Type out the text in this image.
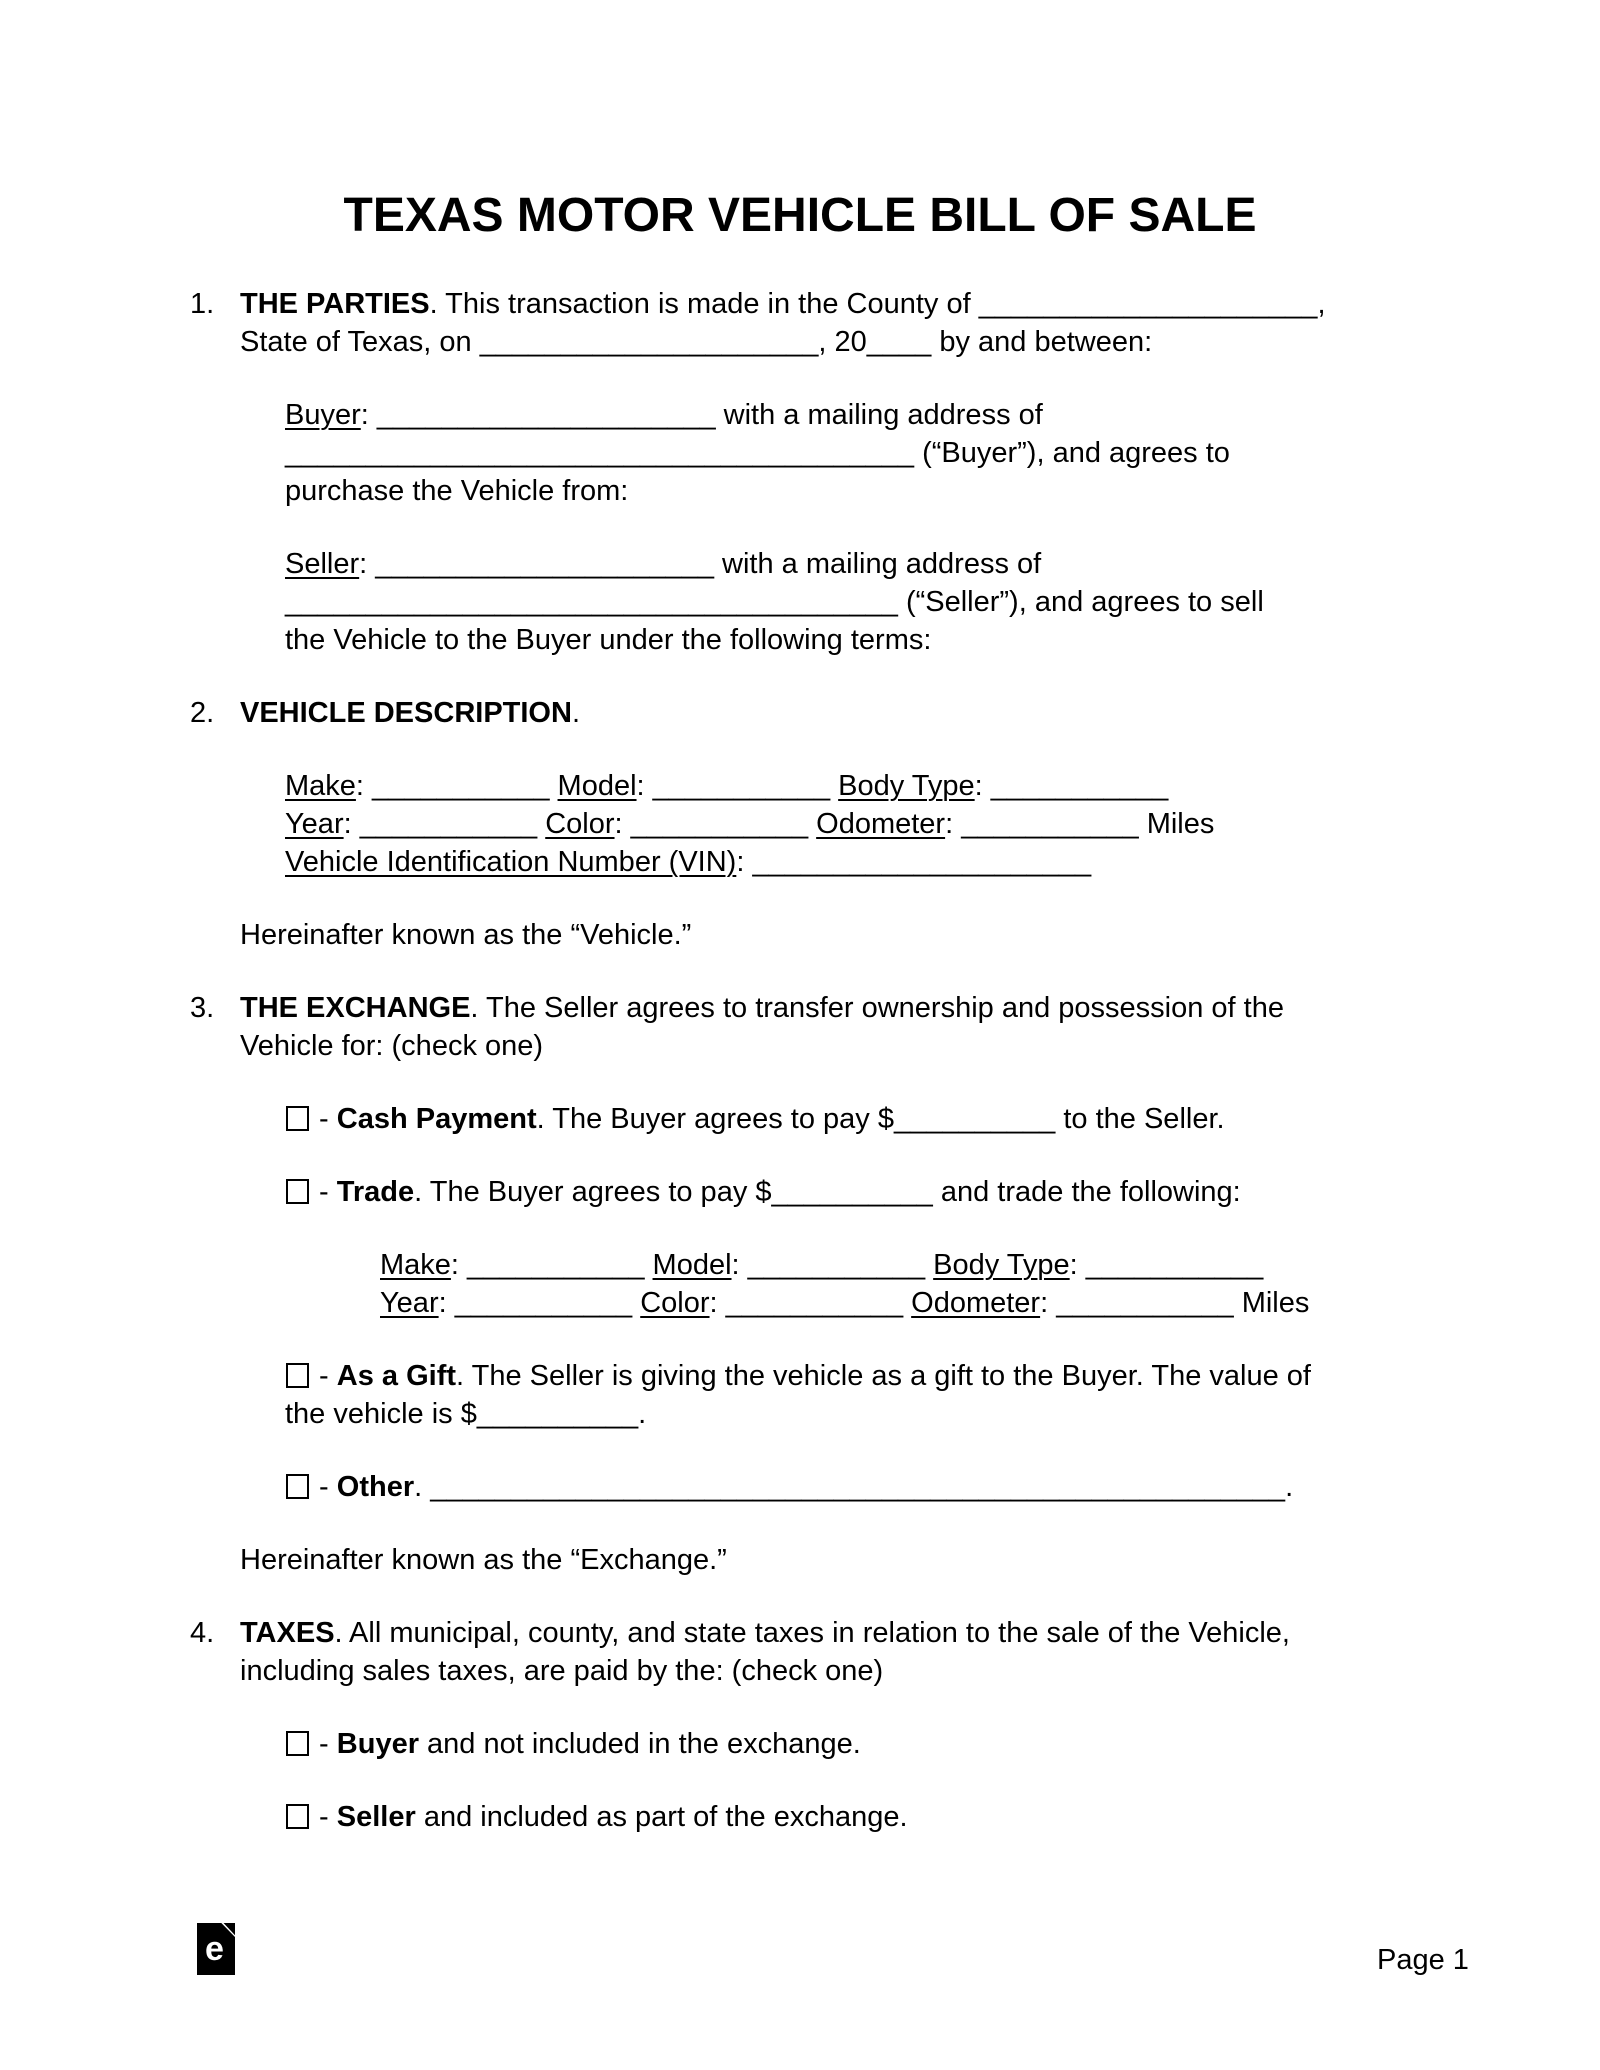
TEXAS MOTOR VEHICLE BILL OF SALE
1. THE PARTIES. This transaction is made in the County of _____________________,
State of Texas, on _____________________, 20____ by and between:
Buyer: _____________________ with a mailing address of
_______________________________________ (“Buyer”), and agrees to
purchase the Vehicle from:
Seller: _____________________ with a mailing address of
______________________________________ (“Seller”), and agrees to sell
the Vehicle to the Buyer under the following terms:
2. VEHICLE DESCRIPTION.
Make: ___________ Model: ___________ Body Type: ___________
Year: ___________ Color: ___________ Odometer: ___________ Miles
Vehicle Identification Number (VIN): _____________________
Hereinafter known as the “Vehicle.”
3. THE EXCHANGE. The Seller agrees to transfer ownership and possession of the
Vehicle for: (check one)
- Cash Payment. The Buyer agrees to pay $__________ to the Seller.
- Trade. The Buyer agrees to pay $__________ and trade the following:
Make: ___________ Model: ___________ Body Type: ___________
Year: ___________ Color: ___________ Odometer: ___________ Miles
- As a Gift. The Seller is giving the vehicle as a gift to the Buyer. The value of
the vehicle is $__________.
- Other. _____________________________________________________.
Hereinafter known as the “Exchange.”
4. TAXES. All municipal, county, and state taxes in relation to the sale of the Vehicle,
including sales taxes, are paid by the: (check one)
- Buyer and not included in the exchange.
- Seller and included as part of the exchange.
e	Page 1
